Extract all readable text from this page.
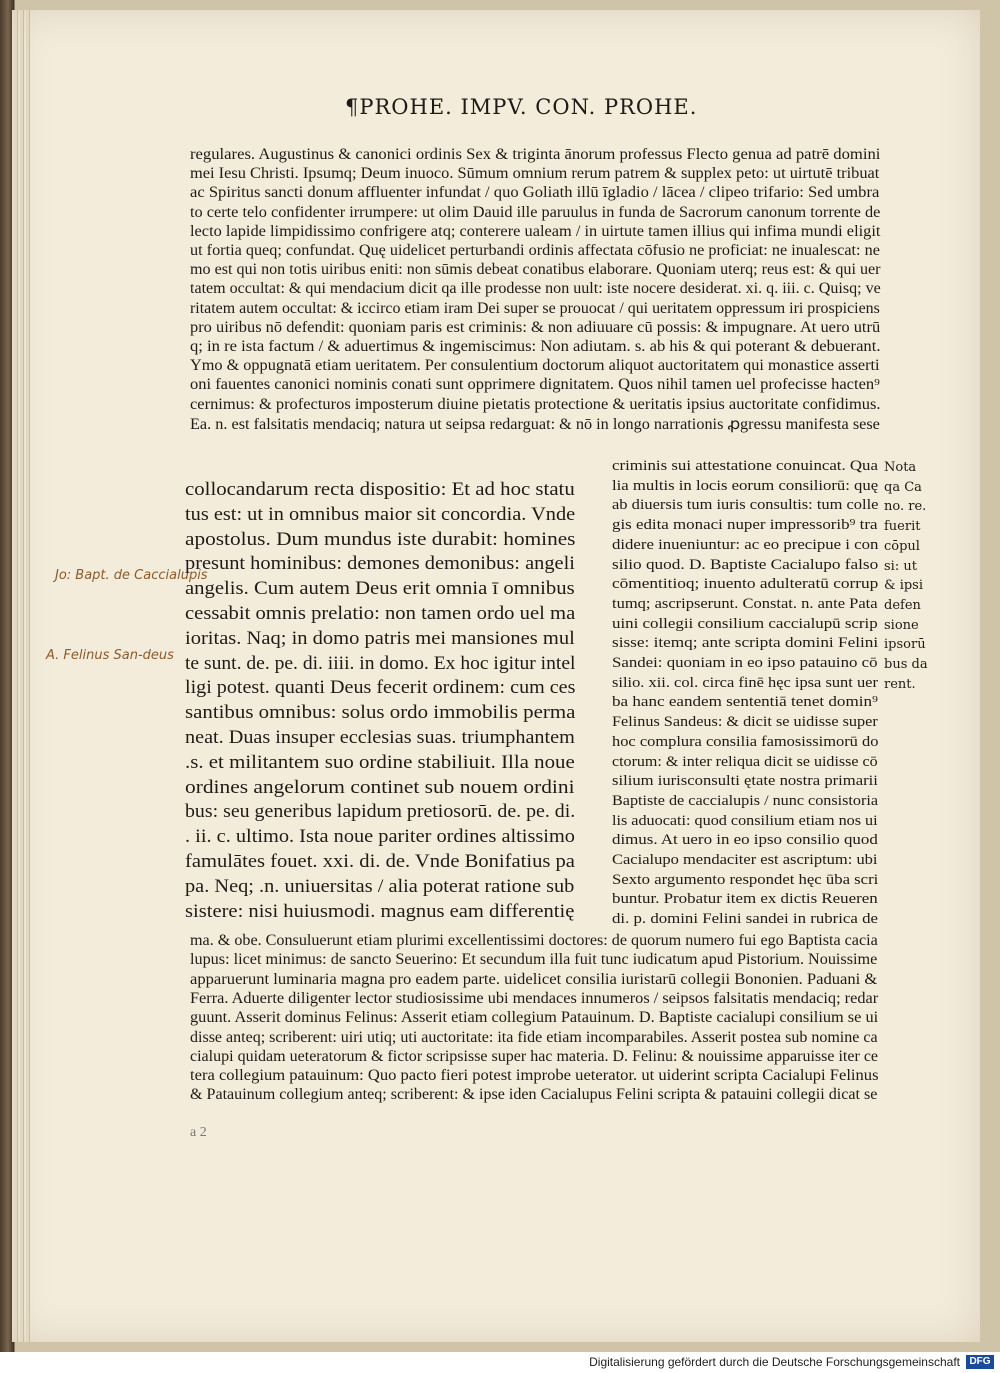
¶PROHE. IMPV. CON. PROHE.
Jo: Bapt. de Caccialupis
A. Felinus San-deus
a 2
Digitalisierung gefördert durch die Deutsche Forschungsgemeinschaft DFG
regulares. Augustinus & canonici ordinis Sex & triginta ānorum professus Flecto genua ad patrē domini
mei Iesu Christi. Ipsumq; Deum inuoco. Sūmum omnium rerum patrem & supplex peto: ut uirtutē tribuat
ac Spiritus sancti donum affluenter infundat / quo Goliath illū īgladio / lācea / clipeo trifario: Sed umbra
to certe telo confidenter irrumpere: ut olim Dauid ille paruulus in funda de Sacrorum canonum torrente de
lecto lapide limpidissimo confrigere atq; conterere ualeam / in uirtute tamen illius qui infima mundi eligit
ut fortia queq; confundat. Quę uidelicet perturbandi ordinis affectata cōfusio ne proficiat: ne inualescat: ne
mo est qui non totis uiribus eniti: non sūmis debeat conatibus elaborare. Quoniam uterq; reus est: & qui uer
tatem occultat: & qui mendacium dicit qa ille prodesse non uult: iste nocere desiderat. xi. q. iii. c. Quisq; ve
ritatem autem occultat: & iccirco etiam iram Dei super se prouocat / qui ueritatem oppressum iri prospiciens
pro uiribus nō defendit: quoniam paris est criminis: & non adiuuare cū possis: & impugnare. At uero utrū
q; in re ista factum / & aduertimus & ingemiscimus: Non adiutam. s. ab his & qui poterant & debuerant.
Ymo & oppugnatā etiam ueritatem. Per consulentium doctorum aliquot auctoritatem qui monastice asserti
oni fauentes canonici nominis conati sunt opprimere dignitatem. Quos nihil tamen uel profecisse hacten⁹
cernimus: & profecturos imposterum diuine pietatis protectione & ueritatis ipsius auctoritate confidimus.
Ea. n. est falsitatis mendaciq; natura ut seipsa redarguat: & nō in longo narrationis ꝓgressu manifesta sese
collocandarum recta dispositio: Et ad hoc statu
tus est: ut in omnibus maior sit concordia. Vnde
apostolus. Dum mundus iste durabit: homines
presunt hominibus: demones demonibus: angeli
angelis. Cum autem Deus erit omnia ī omnibus
cessabit omnis prelatio: non tamen ordo uel ma
ioritas. Naq; in domo patris mei mansiones mul
te sunt. de. pe. di. iiii. in domo. Ex hoc igitur intel
ligi potest. quanti Deus fecerit ordinem: cum ces
santibus omnibus: solus ordo immobilis perma
neat. Duas insuper ecclesias suas. triumphantem
.s. et militantem suo ordine stabiliuit. Illa noue
ordines angelorum continet sub nouem ordini
bus: seu generibus lapidum pretiosorū. de. pe. di.
. ii. c. ultimo. Ista noue pariter ordines altissimo
famulātes fouet. xxi. di. de. Vnde Bonifatius pa
pa. Neq; .n. uniuersitas / alia poterat ratione sub
sistere: nisi huiusmodi. magnus eam differentię
criminis sui attestatione conuincat. Qua
lia multis in locis eorum consiliorū: quę
ab diuersis tum iuris consultis: tum colle
gis edita monaci nuper impressorib⁹ tra
didere inueniuntur: ac eo precipue i con
silio quod. D. Baptiste Cacialupo falso
cōmentitioq; inuento adulteratū corrup
tumq; ascripserunt. Constat. n. ante Pata
uini collegii consilium caccialupū scrip
sisse: itemq; ante scripta domini Felini
Sandei: quoniam in eo ipso patauino cō
silio. xii. col. circa finē hęc ipsa sunt uer
ba hanc eandem sententiā tenet domin⁹
Felinus Sandeus: & dicit se uidisse super
hoc complura consilia famosissimorū do
ctorum: & inter reliqua dicit se uidisse cō
silium iurisconsulti ętate nostra primarii
Baptiste de caccialupis / nunc consistoria
lis aduocati: quod consilium etiam nos ui
dimus. At uero in eo ipso consilio quod
Cacialupo mendaciter est ascriptum: ubi
Sexto argumento respondet hęc ūba scri
buntur. Probatur item ex dictis Reueren
di. p. domini Felini sandei in rubrica de
ma. & obe. Consuluerunt etiam plurimi excellentissimi doctores: de quorum numero fui ego Baptista cacia
lupus: licet minimus: de sancto Seuerino: Et secundum illa fuit tunc iudicatum apud Pistorium. Nouissime
apparuerunt luminaria magna pro eadem parte. uidelicet consilia iuristarū collegii Bononien. Paduani &
Ferra. Aduerte diligenter lector studiosissime ubi mendaces innumeros / seipsos falsitatis mendaciq; redar
guunt. Asserit dominus Felinus: Asserit etiam collegium Patauinum. D. Baptiste cacialupi consilium se ui
disse anteq; scriberent: uiri utiq; uti auctoritate: ita fide etiam incomparabiles. Asserit postea sub nomine ca
cialupi quidam ueteratorum & fictor scripsisse super hac materia. D. Felinu: & nouissime apparuisse iter ce
tera collegium patauinum: Quo pacto fieri potest improbe ueterator. ut uiderint scripta Cacialupi Felinus
& Patauinum collegium anteq; scriberent: & ipse iden Cacialupus Felini scripta & patauini collegii dicat se
Nota
qa Ca
no. re.
fuerit
cōpul
si: ut
& ipsi
defen
sione
ipsorū
bus da
rent.
